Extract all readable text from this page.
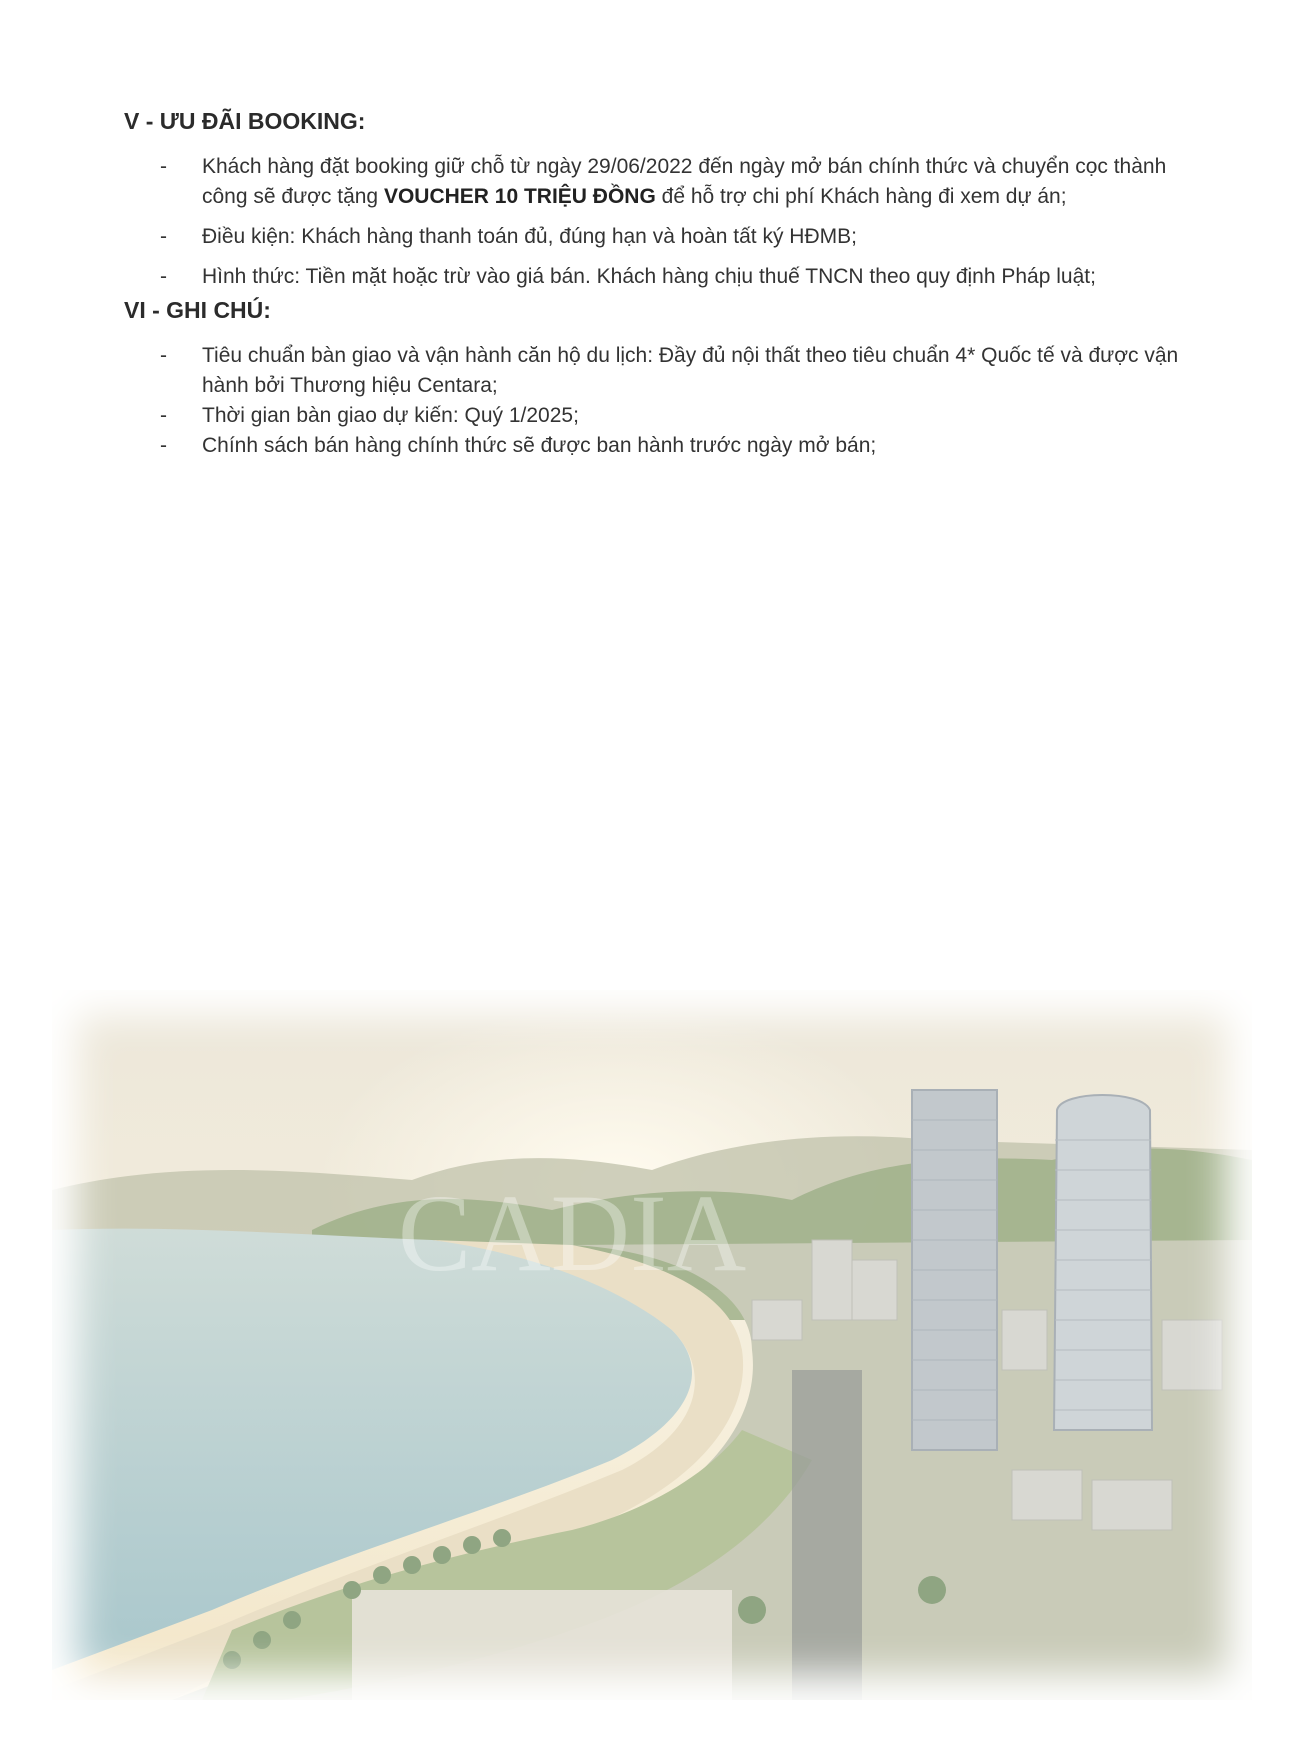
V - ƯU ĐÃI BOOKING:
- Khách hàng đặt booking giữ chỗ từ ngày 29/06/2022 đến ngày mở bán chính thức và chuyển cọc thành công sẽ được tặng VOUCHER 10 TRIỆU ĐỒNG để hỗ trợ chi phí Khách hàng đi xem dự án;
- Điều kiện: Khách hàng thanh toán đủ, đúng hạn và hoàn tất ký HĐMB;
- Hình thức: Tiền mặt hoặc trừ vào giá bán. Khách hàng chịu thuế TNCN theo quy định Pháp luật;
VI - GHI CHÚ:
- Tiêu chuẩn bàn giao và vận hành căn hộ du lịch: Đầy đủ nội thất theo tiêu chuẩn 4* Quốc tế và được vận hành bởi Thương hiệu Centara;
- Thời gian bàn giao dự kiến: Quý 1/2025;
- Chính sách bán hàng chính thức sẽ được ban hành trước ngày mở bán;
CADIA
